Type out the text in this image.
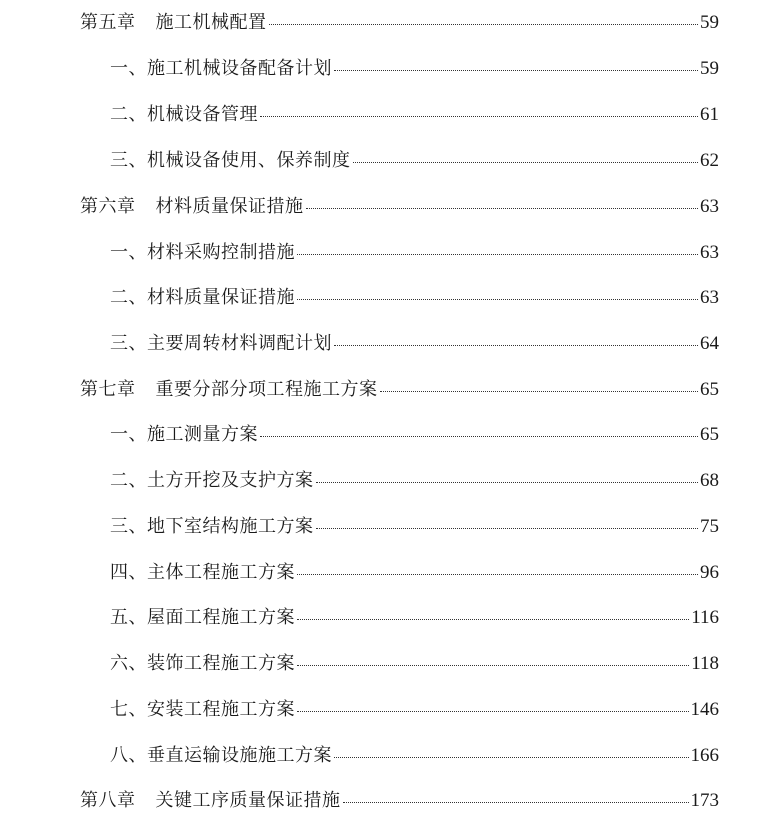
第五章 施工机械配置	59
一、施工机械设备配备计划	59
二、机械设备管理	61
三、机械设备使用、保养制度	62
第六章 材料质量保证措施	63
一、材料采购控制措施	63
二、材料质量保证措施	63
三、主要周转材料调配计划	64
第七章 重要分部分项工程施工方案	65
一、施工测量方案	65
二、土方开挖及支护方案	68
三、地下室结构施工方案	75
四、主体工程施工方案	96
五、屋面工程施工方案	116
六、装饰工程施工方案	118
七、安装工程施工方案	146
八、垂直运输设施施工方案	166
第八章 关键工序质量保证措施	173
